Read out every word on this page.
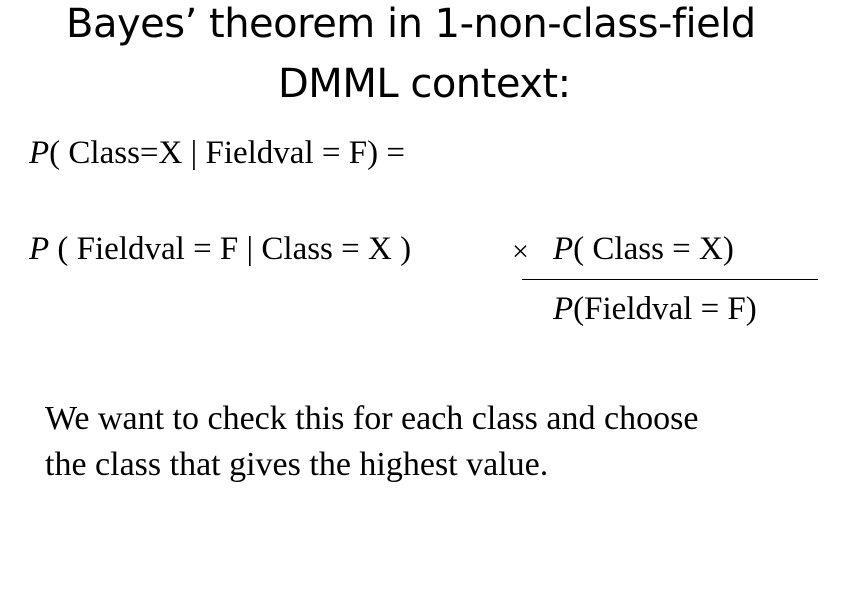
Bayes’ theorem in 1-non-class-field
DMML context:
P( Class=X | Fieldval = F) =
P ( Fieldval = F | Class = X )	× P( Class = X)
P(Fieldval = F)
We want to check this for each class and choose
the class that gives the highest value.
